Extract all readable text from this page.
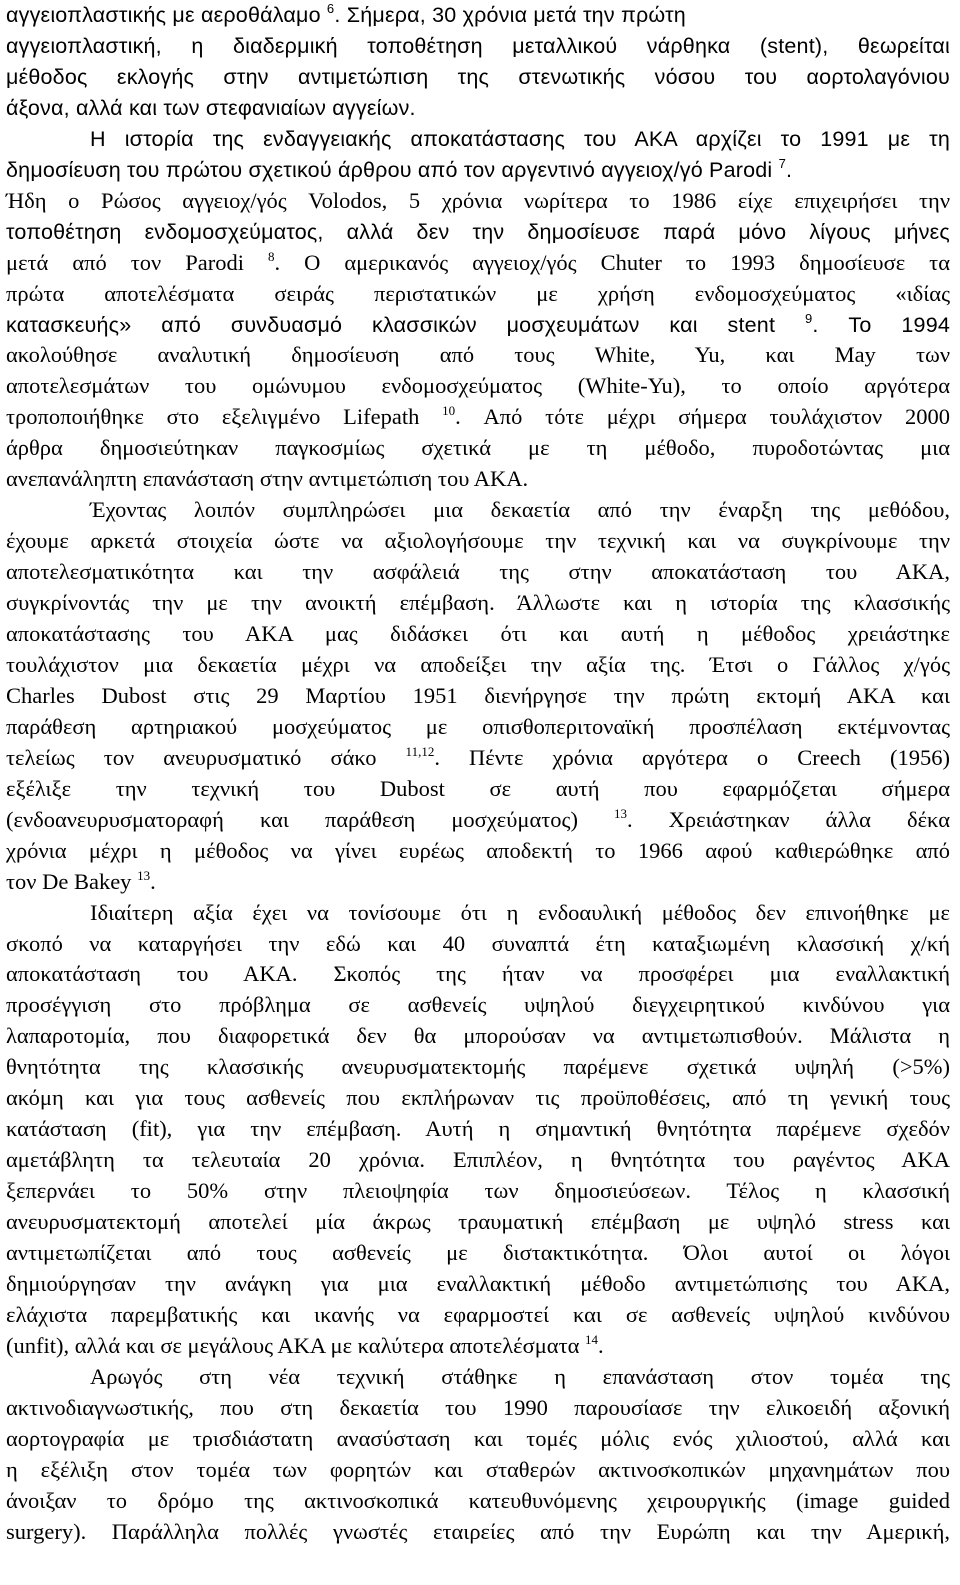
αγγειοπλαστικής με αεροθάλαμο $^6$. Σήμερα, 30 χρόνια μετά την πρώτη
αγγειοπλαστική, η διαδερμική τοποθέτηση μεταλλικού νάρθηκα (stent), θεωρείται
μέθοδος εκλογής στην αντιμετώπιση της στενωτικής νόσου του αορτολαγόνιου
άξονα, αλλά και των στεφανιαίων αγγείων.
Η ιστορία της ενδαγγειακής αποκατάστασης του ΑΚΑ αρχίζει το 1991 με τη
δημοσίευση του πρώτου σχετικού άρθρου από τον αργεντινό αγγειοχ/γό Parodi $^7$.
Ήδη ο Ρώσος αγγειοχ/γός Volodos, 5 χρόνια νωρίτερα το 1986 είχε επιχειρήσει την
τοποθέτηση ενδομοσχεύματος, αλλά δεν την δημοσίευσε παρά μόνο λίγους μήνες
μετά από τον Parodi $^8$. Ο αμερικανός αγγειοχ/γός Chuter το 1993 δημοσίευσε τα
πρώτα αποτελέσματα σειράς περιστατικών με χρήση ενδομοσχεύματος «ιδίας
κατασκευής» από συνδυασμό κλασσικών μοσχευμάτων και stent $^9$. Το 1994
ακολούθησε αναλυτική δημοσίευση από τους White, Yu, και May των
αποτελεσμάτων του ομώνυμου ενδομοσχεύματος (White-Yu), το οποίο αργότερα
τροποποιήθηκε στο εξελιγμένο Lifepath $^{10}$. Από τότε μέχρι σήμερα τουλάχιστον 2000
άρθρα δημοσιεύτηκαν παγκοσμίως σχετικά με τη μέθοδο, πυροδοτώντας μια
ανεπανάληπτη επανάσταση στην αντιμετώπιση του ΑΚΑ.
Έχοντας λοιπόν συμπληρώσει μια δεκαετία από την έναρξη της μεθόδου,
έχουμε αρκετά στοιχεία ώστε να αξιολογήσουμε την τεχνική και να συγκρίνουμε την
αποτελεσματικότητα και την ασφάλειά της στην αποκατάσταση του ΑΚΑ,
συγκρίνοντάς την με την ανοικτή επέμβαση. Άλλωστε και η ιστορία της κλασσικής
αποκατάστασης του ΑΚΑ μας διδάσκει ότι και αυτή η μέθοδος χρειάστηκε
τουλάχιστον μια δεκαετία μέχρι να αποδείξει την αξία της. Έτσι ο Γάλλος χ/γός
Charles Dubost στις 29 Μαρτίου 1951 διενήργησε την πρώτη εκτομή ΑΚΑ και
παράθεση αρτηριακού μοσχεύματος με οπισθοπεριτοναϊκή προσπέλαση εκτέμνοντας
τελείως τον ανευρυσματικό σάκο $^{11,12}$. Πέντε χρόνια αργότερα ο Creech (1956)
εξέλιξε την τεχνική του Dubost σε αυτή που εφαρμόζεται σήμερα
(ενδοανευρυσματοραφή και παράθεση μοσχεύματος) $^{13}$. Χρειάστηκαν άλλα δέκα
χρόνια μέχρι η μέθοδος να γίνει ευρέως αποδεκτή το 1966 αφού καθιερώθηκε από
τον De Bakey $^{13}$.
Ιδιαίτερη αξία έχει να τονίσουμε ότι η ενδοαυλική μέθοδος δεν επινοήθηκε με
σκοπό να καταργήσει την εδώ και 40 συναπτά έτη καταξιωμένη κλασσική χ/κή
αποκατάσταση του ΑΚΑ. Σκοπός της ήταν να προσφέρει μια εναλλακτική
προσέγγιση στο πρόβλημα σε ασθενείς υψηλού διεγχειρητικού κινδύνου για
λαπαροτομία, που διαφορετικά δεν θα μπορούσαν να αντιμετωπισθούν. Μάλιστα η
θνητότητα της κλασσικής ανευρυσματεκτομής παρέμενε σχετικά υψηλή (>5%)
ακόμη και για τους ασθενείς που εκπλήρωναν τις προϋποθέσεις, από τη γενική τους
κατάσταση (fit), για την επέμβαση. Αυτή η σημαντική θνητότητα παρέμενε σχεδόν
αμετάβλητη τα τελευταία 20 χρόνια. Επιπλέον, η θνητότητα του ραγέντος ΑΚΑ
ξεπερνάει το 50% στην πλειοψηφία των δημοσιεύσεων. Τέλος η κλασσική
ανευρυσματεκτομή αποτελεί μία άκρως τραυματική επέμβαση με υψηλό stress και
αντιμετωπίζεται από τους ασθενείς με διστακτικότητα. Όλοι αυτοί οι λόγοι
δημιούργησαν την ανάγκη για μια εναλλακτική μέθοδο αντιμετώπισης του ΑΚΑ,
ελάχιστα παρεμβατικής και ικανής να εφαρμοστεί και σε ασθενείς υψηλού κινδύνου
(unfit), αλλά και σε μεγάλους ΑΚΑ με καλύτερα αποτελέσματα $^{14}$.
Αρωγός στη νέα τεχνική στάθηκε η επανάσταση στον τομέα της
ακτινοδιαγνωστικής, που στη δεκαετία του 1990 παρουσίασε την ελικοειδή αξονική
αορτογραφία με τρισδιάστατη ανασύσταση και τομές μόλις ενός χιλιοστού, αλλά και
η εξέλιξη στον τομέα των φορητών και σταθερών ακτινοσκοπικών μηχανημάτων που
άνοιξαν το δρόμο της ακτινοσκοπικά κατευθυνόμενης χειρουργικής (image guided
surgery). Παράλληλα πολλές γνωστές εταιρείες από την Ευρώπη και την Αμερική,
